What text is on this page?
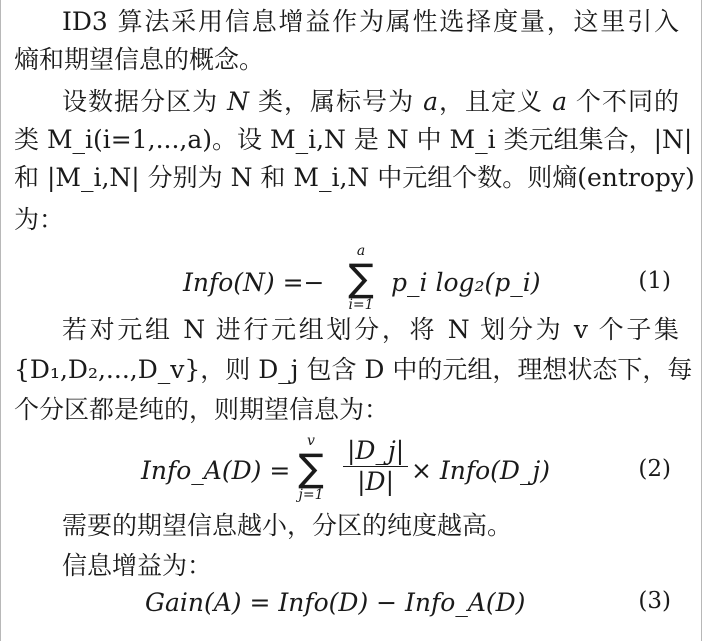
ID3 算法采用信息增益作为属性选择度量，这里引入
熵和期望信息的概念。
设数据分区为 N 类，属标号为 a，且定义 a 个不同的
类 M_i(i=1,...,a)。设 M_i,N 是 N 中 M_i 类元组集合，|N|
和 |M_i,N| 分别为 N 和 M_i,N 中元组个数。则熵(entropy)
为：
Info(N) =−
a
∑
i=1
p_i log₂(p_i)	(1)
若对元组 N 进行元组划分，将 N 划分为 v 个子集
{D₁,D₂,...,D_v}，则 D_j 包含 D 中的元组，理想状态下，每
个分区都是纯的，则期望信息为：
Info_A(D) =
v
∑
$j=1 \frac{|D\_j|}{|D|}$ × Info(D_j)	(2)
需要的期望信息越小，分区的纯度越高。
信息增益为：
Gain(A) = Info(D) − Info_A(D)	(3)
